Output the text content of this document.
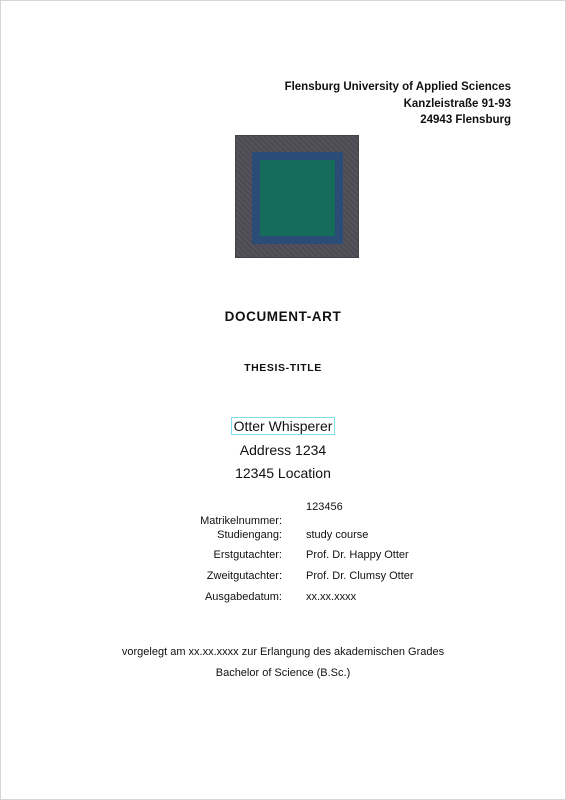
Flensburg University of Applied Sciences
Kanzleistraße 91-93
24943 Flensburg
DOCUMENT-ART
THESIS-TITLE
Otter Whisperer
Address 1234
12345 Location
123456
Matrikelnummer:
Studiengang: study course
Erstgutachter: Prof. Dr. Happy Otter
Zweitgutachter: Prof. Dr. Clumsy Otter
Ausgabedatum: xx.xx.xxxx
vorgelegt am xx.xx.xxxx zur Erlangung des akademischen Grades
Bachelor of Science (B.Sc.)
